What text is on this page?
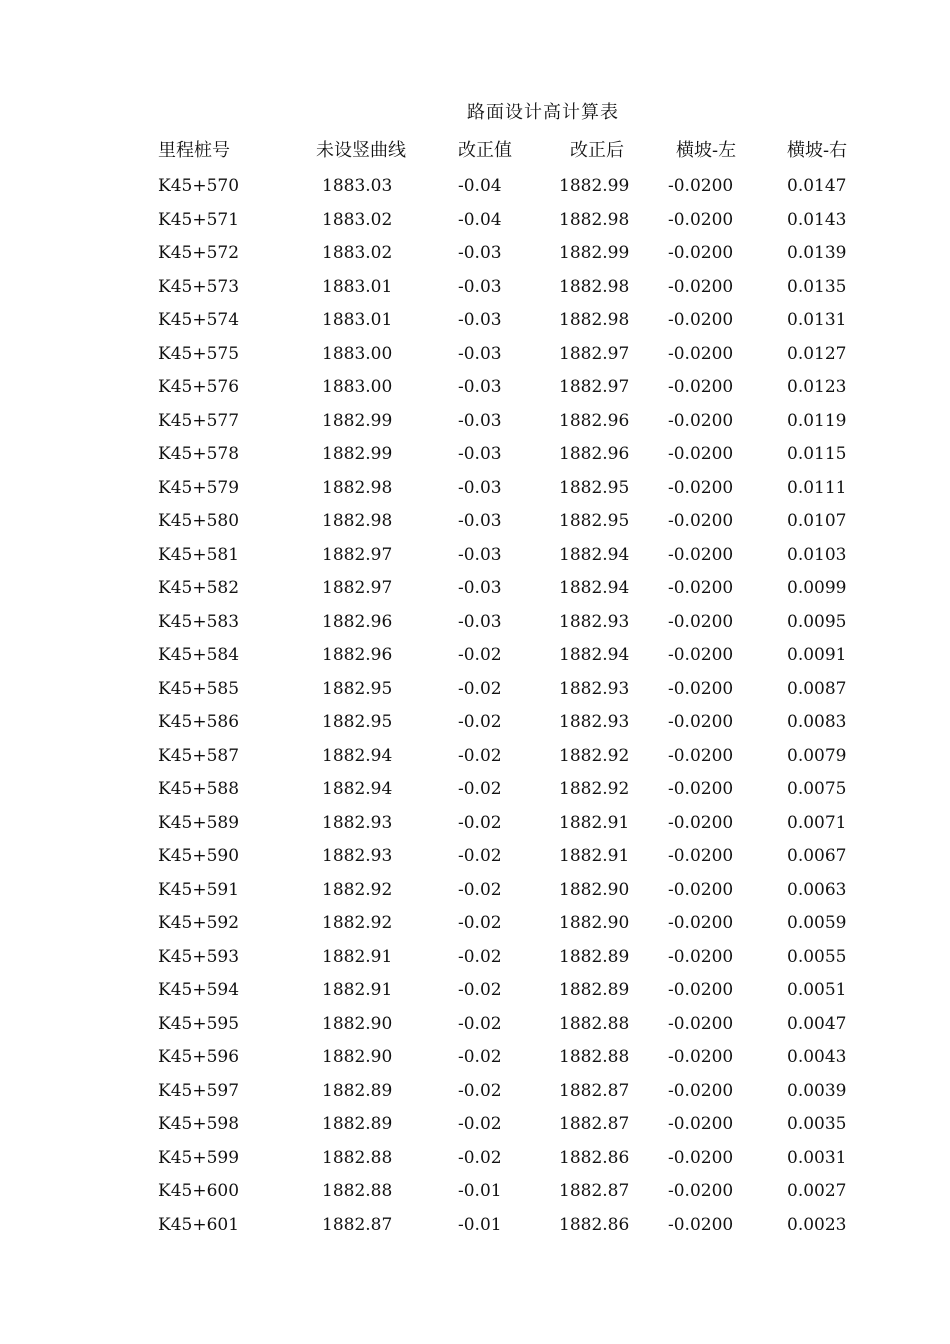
路面设计高计算表
里程桩号	未设竖曲线	改正值	改正后	横坡-左	横坡-右
K45+570	1883.03	-0.04	1882.99 -0.0200	0.0147
K45+571	1883.02	-0.04	1882.98 -0.0200	0.0143
K45+572	1883.02	-0.03	1882.99 -0.0200	0.0139
K45+573	1883.01	-0.03	1882.98 -0.0200	0.0135
K45+574	1883.01	-0.03	1882.98 -0.0200	0.0131
K45+575	1883.00	-0.03	1882.97 -0.0200	0.0127
K45+576	1883.00	-0.03	1882.97 -0.0200	0.0123
K45+577	1882.99	-0.03	1882.96 -0.0200	0.0119
K45+578	1882.99	-0.03	1882.96 -0.0200	0.0115
K45+579	1882.98	-0.03	1882.95 -0.0200	0.0111
K45+580	1882.98	-0.03	1882.95 -0.0200	0.0107
K45+581	1882.97	-0.03	1882.94 -0.0200	0.0103
K45+582	1882.97	-0.03	1882.94 -0.0200	0.0099
K45+583	1882.96	-0.03	1882.93 -0.0200	0.0095
K45+584	1882.96	-0.02	1882.94 -0.0200	0.0091
K45+585	1882.95	-0.02	1882.93 -0.0200	0.0087
K45+586	1882.95	-0.02	1882.93 -0.0200	0.0083
K45+587	1882.94	-0.02	1882.92 -0.0200	0.0079
K45+588	1882.94	-0.02	1882.92 -0.0200	0.0075
K45+589	1882.93	-0.02	1882.91 -0.0200	0.0071
K45+590	1882.93	-0.02	1882.91 -0.0200	0.0067
K45+591	1882.92	-0.02	1882.90 -0.0200	0.0063
K45+592	1882.92	-0.02	1882.90 -0.0200	0.0059
K45+593	1882.91	-0.02	1882.89 -0.0200	0.0055
K45+594	1882.91	-0.02	1882.89 -0.0200	0.0051
K45+595	1882.90	-0.02	1882.88 -0.0200	0.0047
K45+596	1882.90	-0.02	1882.88 -0.0200	0.0043
K45+597	1882.89	-0.02	1882.87 -0.0200	0.0039
K45+598	1882.89	-0.02	1882.87 -0.0200	0.0035
K45+599	1882.88	-0.02	1882.86 -0.0200	0.0031
K45+600	1882.88	-0.01	1882.87 -0.0200	0.0027
K45+601	1882.87	-0.01	1882.86 -0.0200	0.0023
